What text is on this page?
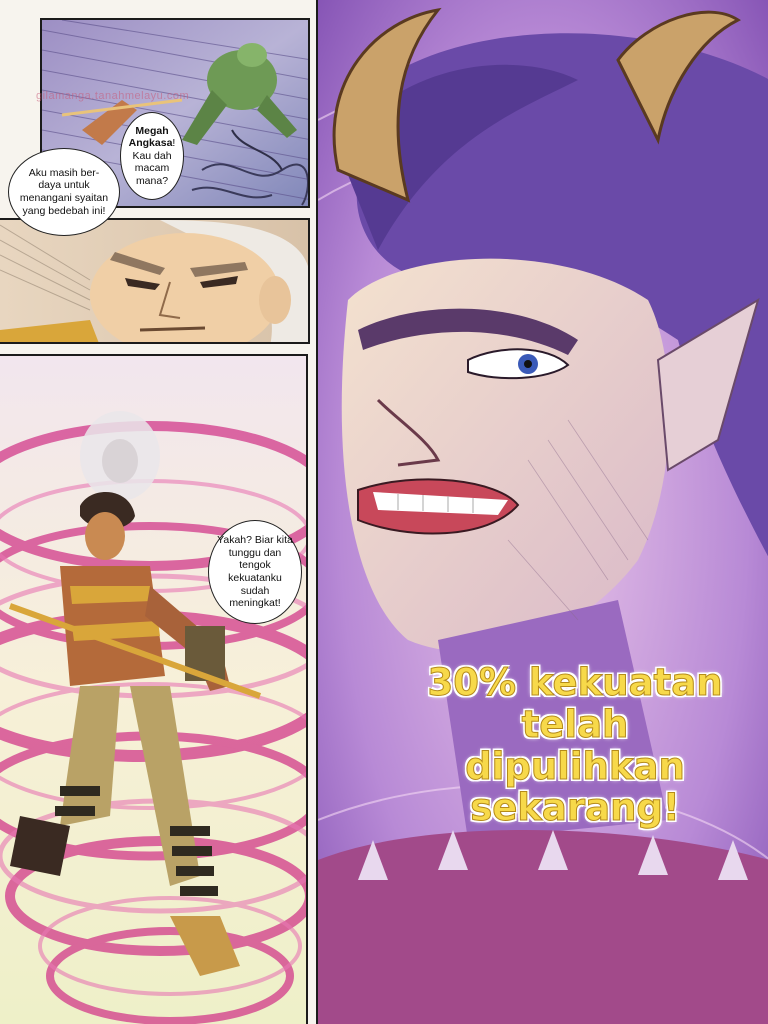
gilamanga.tanahmelayu.com
Megah Angkasa! Kau dah macam mana?
Aku masih ber-daya untuk menangani syaitan yang bedebah ini!
Yakah? Biar kita tunggu dan tengok kekuatanku sudah meningkat!
30% kekuatan
telah dipulihkan
sekarang!
